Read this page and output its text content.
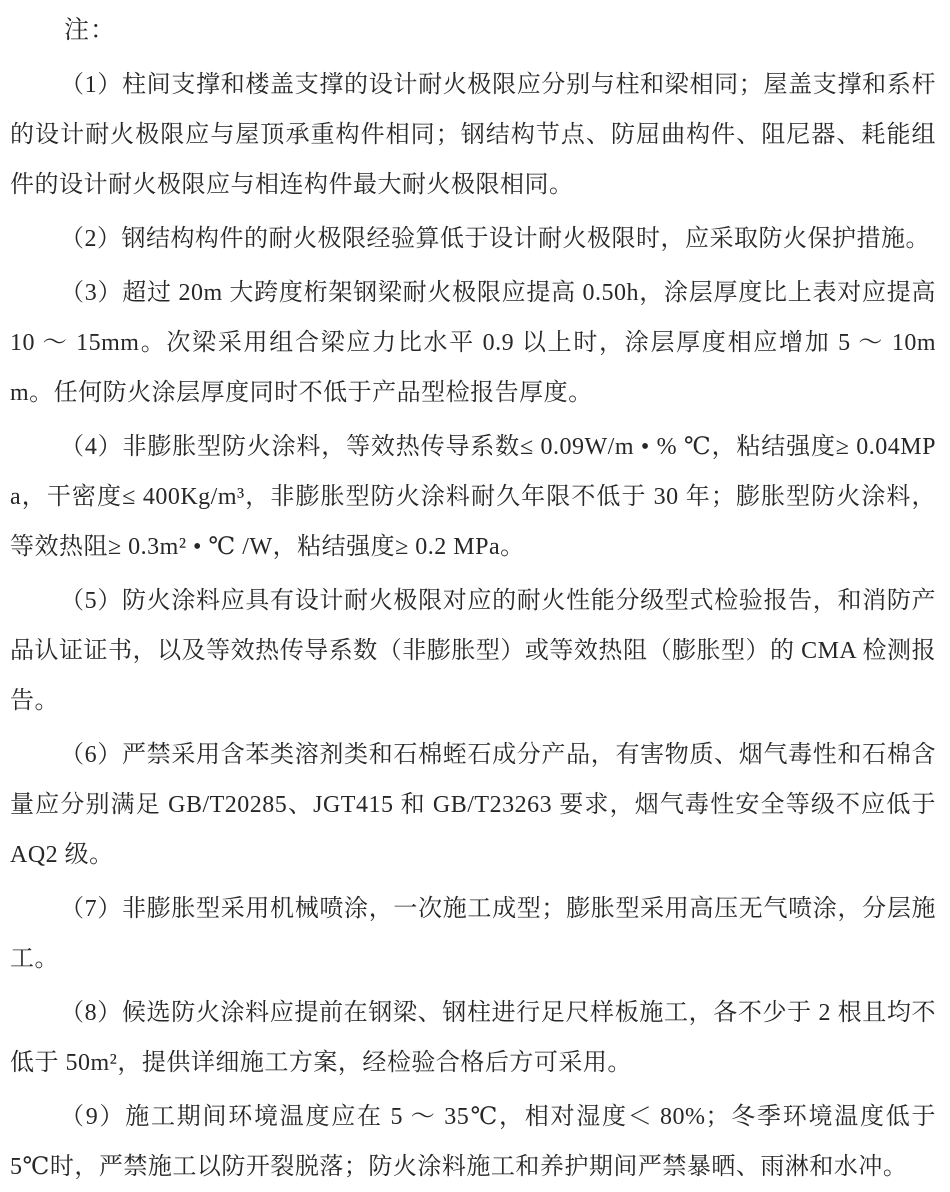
注：

（1）柱间支撑和楼盖支撑的设计耐火极限应分别与柱和梁相同；屋盖支撑和系杆的设计耐火极限应与屋顶承重构件相同；钢结构节点、防屈曲构件、阻尼器、耗能组件的设计耐火极限应与相连构件最大耐火极限相同。

（2）钢结构构件的耐火极限经验算低于设计耐火极限时，应采取防火保护措施。

（3）超过 20m 大跨度桁架钢梁耐火极限应提高 0.50h，涂层厚度比上表对应提高 10 ～ 15mm。次梁采用组合梁应力比水平 0.9 以上时，涂层厚度相应增加 5 ～ 10mm。任何防火涂层厚度同时不低于产品型检报告厚度。

（4）非膨胀型防火涂料，等效热传导系数≤ 0.09W/m • % ℃，粘结强度≥ 0.04MPa，干密度≤ 400Kg/m³，非膨胀型防火涂料耐久年限不低于 30 年；膨胀型防火涂料，等效热阻≥ 0.3m² • ℃ /W，粘结强度≥ 0.2 MPa。

（5）防火涂料应具有设计耐火极限对应的耐火性能分级型式检验报告，和消防产品认证证书，以及等效热传导系数（非膨胀型）或等效热阻（膨胀型）的 CMA 检测报告。

（6）严禁采用含苯类溶剂类和石棉蛭石成分产品，有害物质、烟气毒性和石棉含量应分别满足 GB/T20285、JGT415 和 GB/T23263 要求，烟气毒性安全等级不应低于 AQ2 级。

（7）非膨胀型采用机械喷涂，一次施工成型；膨胀型采用高压无气喷涂，分层施工。

（8）候选防火涂料应提前在钢梁、钢柱进行足尺样板施工，各不少于 2 根且均不低于 50m²，提供详细施工方案，经检验合格后方可采用。

（9）施工期间环境温度应在 5 ～ 35℃，相对湿度＜ 80%；冬季环境温度低于 5℃时，严禁施工以防开裂脱落；防火涂料施工和养护期间严禁暴晒、雨淋和水冲。
